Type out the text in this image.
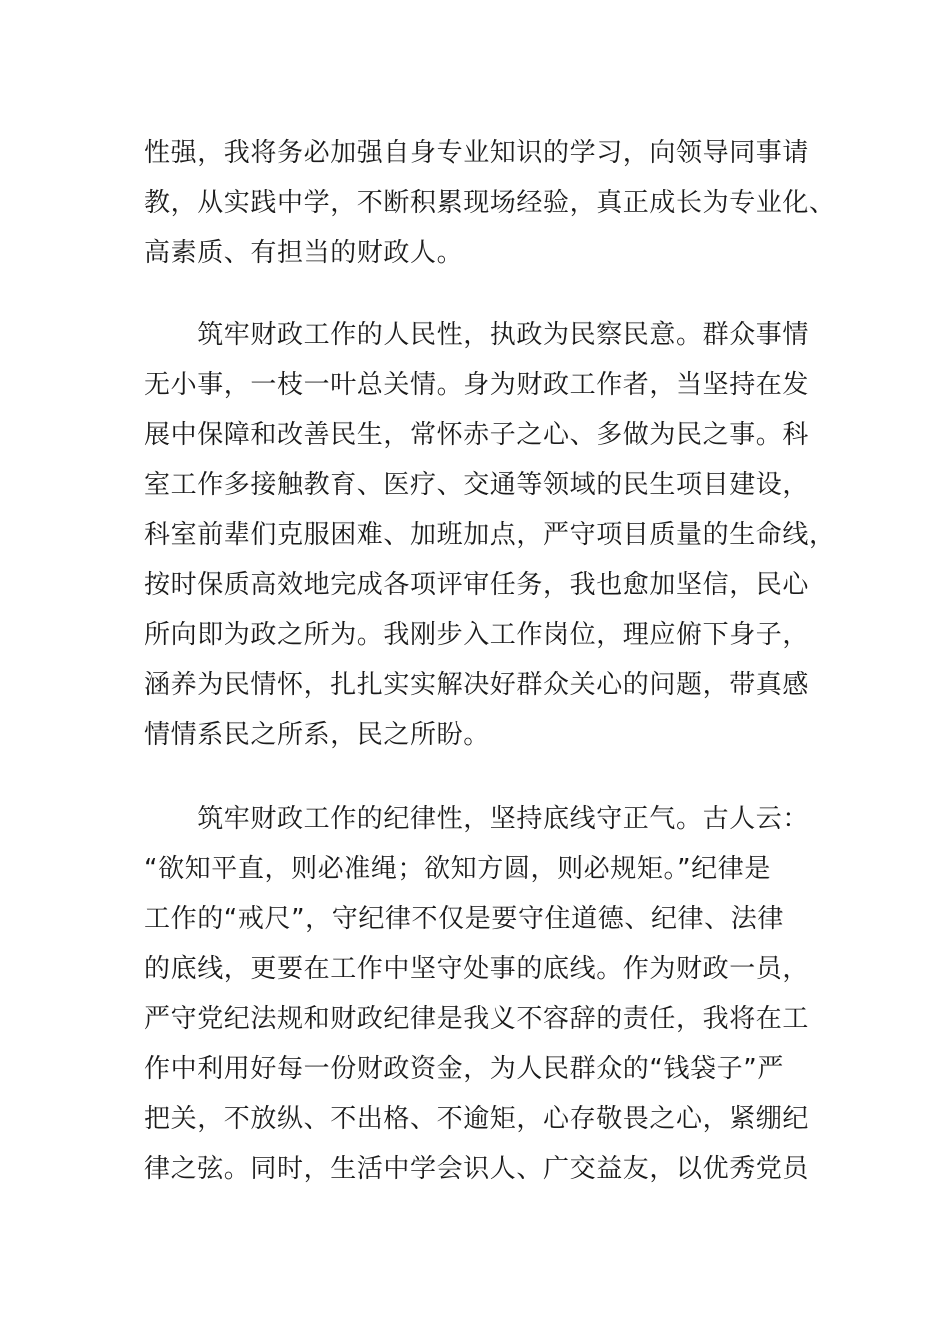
性强，我将务必加强自身专业知识的学习，向领导同事请
教，从实践中学，不断积累现场经验，真正成长为专业化、
高素质、有担当的财政人。
　　筑牢财政工作的人民性，执政为民察民意。群众事情
无小事，一枝一叶总关情。身为财政工作者，当坚持在发
展中保障和改善民生，常怀赤子之心、多做为民之事。科
室工作多接触教育、医疗、交通等领域的民生项目建设，
科室前辈们克服困难、加班加点，严守项目质量的生命线，
按时保质高效地完成各项评审任务，我也愈加坚信，民心
所向即为政之所为。我刚步入工作岗位，理应俯下身子，
涵养为民情怀，扎扎实实解决好群众关心的问题，带真感
情情系民之所系，民之所盼。
　　筑牢财政工作的纪律性，坚持底线守正气。古人云：
“欲知平直，则必准绳；欲知方圆，则必规矩。”纪律是
工作的“戒尺”，守纪律不仅是要守住道德、纪律、法律
的底线，更要在工作中坚守处事的底线。作为财政一员，
严守党纪法规和财政纪律是我义不容辞的责任，我将在工
作中利用好每一份财政资金，为人民群众的“钱袋子”严
把关，不放纵、不出格、不逾矩，心存敬畏之心，紧绷纪
律之弦。同时，生活中学会识人、广交益友，以优秀党员
